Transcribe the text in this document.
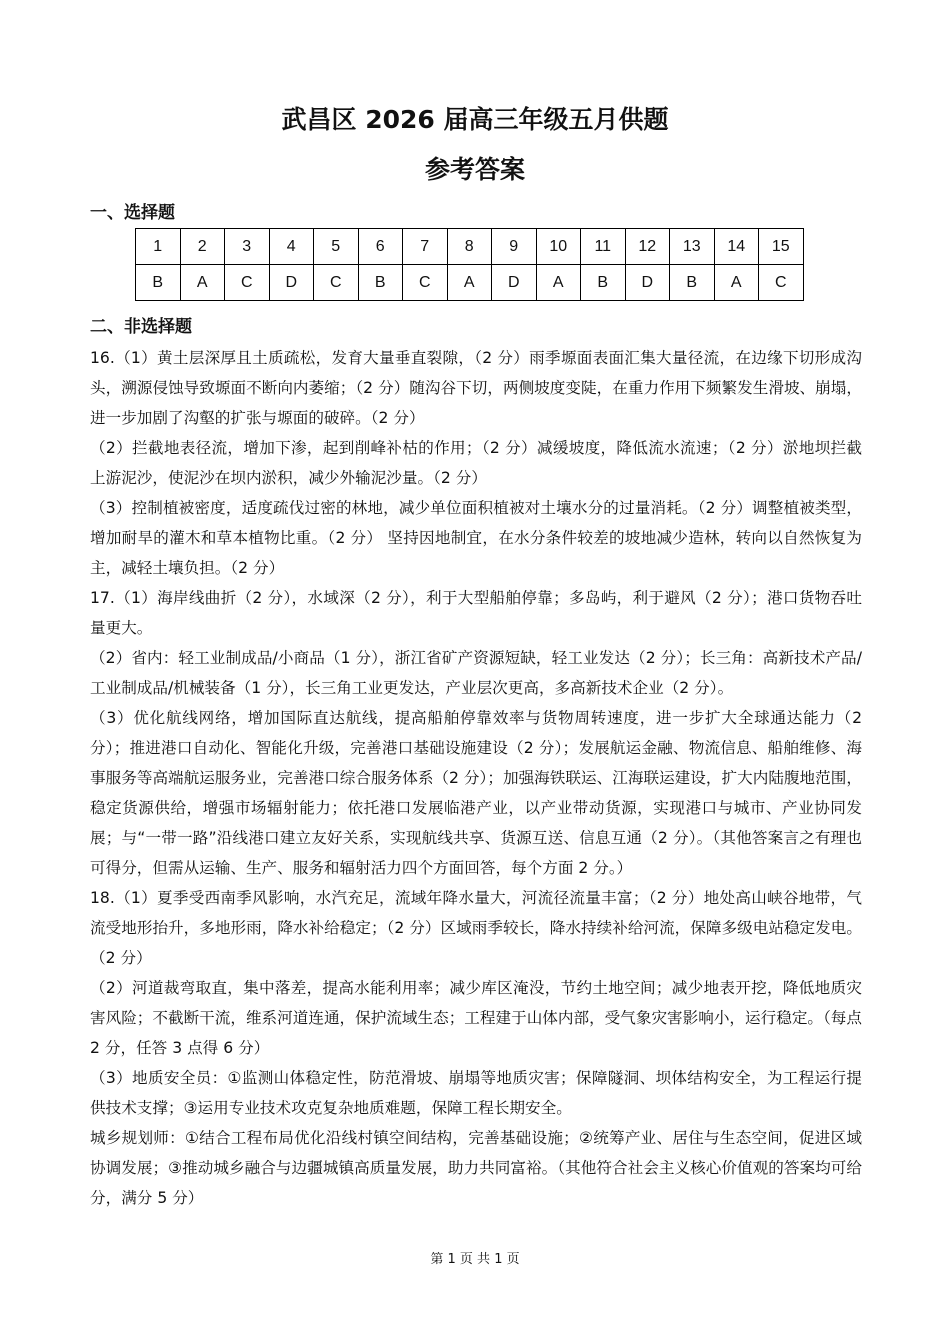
武昌区 2026 届高三年级五月供题
参考答案
一、选择题
1	2	3	4	5	6	7	8	9	10	11	12	13	14	15
B	A	C	D	C	B	C	A	D	A	B	D	B	A	C
二、非选择题

16.（1）黄土层深厚且土质疏松，发育大量垂直裂隙，（2 分）雨季塬面表面汇集大量径流，在边缘下切形成沟头，溯源侵蚀导致塬面不断向内萎缩；（2 分）随沟谷下切，两侧坡度变陡，在重力作用下频繁发生滑坡、崩塌，进一步加剧了沟壑的扩张与塬面的破碎。（2 分）

（2）拦截地表径流，增加下渗，起到削峰补枯的作用；（2 分）减缓坡度，降低流水流速；（2 分）淤地坝拦截上游泥沙，使泥沙在坝内淤积，减少外输泥沙量。（2 分）

（3）控制植被密度，适度疏伐过密的林地，减少单位面积植被对土壤水分的过量消耗。（2 分）调整植被类型，增加耐旱的灌木和草本植物比重。（2 分） 坚持因地制宜，在水分条件较差的坡地减少造林，转向以自然恢复为主，减轻土壤负担。（2 分）

17.（1）海岸线曲折（2 分），水域深（2 分），利于大型船舶停靠；多岛屿，利于避风（2 分）；港口货物吞吐量更大。

（2）省内：轻工业制成品/小商品（1 分），浙江省矿产资源短缺，轻工业发达（2 分）；长三角：高新技术产品/工业制成品/机械装备（1 分），长三角工业更发达，产业层次更高，多高新技术企业（2 分）。

（3）优化航线网络，增加国际直达航线，提高船舶停靠效率与货物周转速度，进一步扩大全球通达能力（2 分）；推进港口自动化、智能化升级，完善港口基础设施建设（2 分）；发展航运金融、物流信息、船舶维修、海事服务等高端航运服务业，完善港口综合服务体系（2 分）；加强海铁联运、江海联运建设，扩大内陆腹地范围，稳定货源供给，增强市场辐射能力；依托港口发展临港产业，以产业带动货源，实现港口与城市、产业协同发展；与“一带一路”沿线港口建立友好关系，实现航线共享、货源互送、信息互通（2 分）。（其他答案言之有理也可得分，但需从运输、生产、服务和辐射活力四个方面回答，每个方面 2 分。）

18.（1）夏季受西南季风影响，水汽充足，流域年降水量大，河流径流量丰富；（2 分）地处高山峡谷地带，气流受地形抬升，多地形雨，降水补给稳定；（2 分）区域雨季较长，降水持续补给河流，保障多级电站稳定发电。（2 分）

（2）河道裁弯取直，集中落差，提高水能利用率；减少库区淹没，节约土地空间；减少地表开挖，降低地质灾害风险；不截断干流，维系河道连通，保护流域生态；工程建于山体内部，受气象灾害影响小，运行稳定。（每点 2 分，任答 3 点得 6 分）

（3）地质安全员：①监测山体稳定性，防范滑坡、崩塌等地质灾害；保障隧洞、坝体结构安全，为工程运行提供技术支撑；③运用专业技术攻克复杂地质难题，保障工程长期安全。

城乡规划师：①结合工程布局优化沿线村镇空间结构，完善基础设施；②统筹产业、居住与生态空间，促进区域协调发展；③推动城乡融合与边疆城镇高质量发展，助力共同富裕。（其他符合社会主义核心价值观的答案均可给分，满分 5 分）

第 1 页 共 1 页
